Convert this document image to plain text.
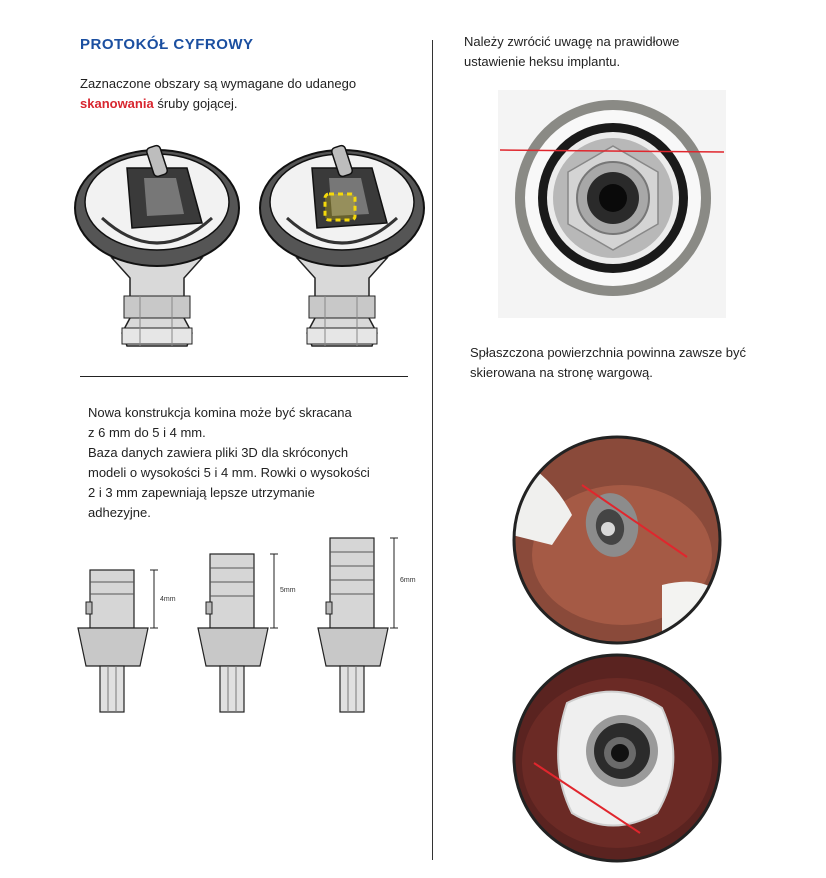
PROTOKÓŁ CYFROWY
Zaznaczone obszary są wymagane do udanego
skanowania śruby gojącej.
Nowa konstrukcja komina może być skracana
z 6 mm do 5 i 4 mm.
Baza danych zawiera pliki 3D dla skróconych
modeli o wysokości 5 i 4 mm. Rowki o wysokości
2 i 3 mm zapewniają lepsze utrzymanie
adhezyjne.
4mm
5mm
6mm
Należy zwrócić uwagę na prawidłowe
ustawienie heksu implantu.
Spłaszczona powierzchnia powinna zawsze być
skierowana na stronę wargową.
